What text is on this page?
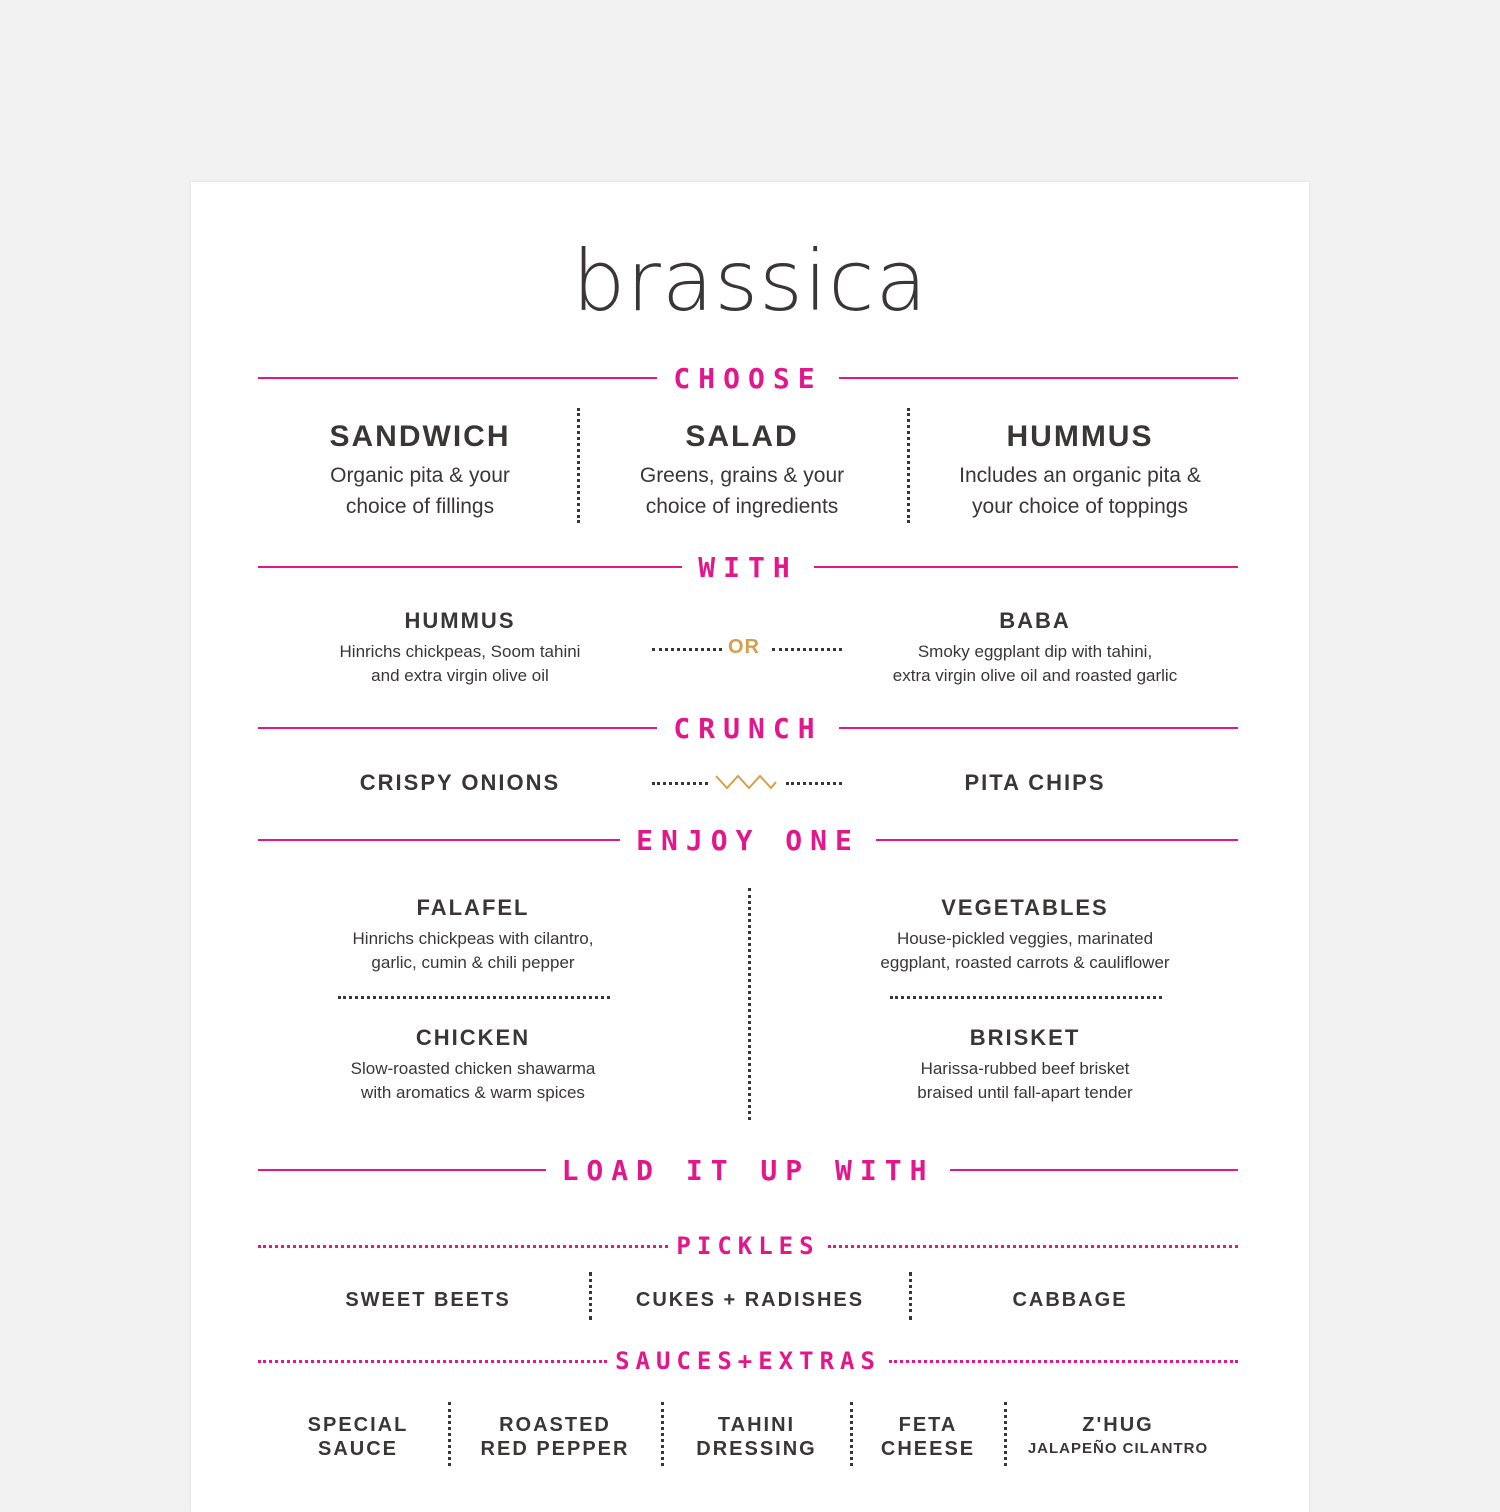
brassica
CHOOSE
SANDWICH
Organic pita & your
choice of fillings
SALAD
Greens, grains & your
choice of ingredients
HUMMUS
Includes an organic pita &
your choice of toppings
WITH
HUMMUS
Hinrichs chickpeas, Soom tahini
and extra virgin olive oil
OR
BABA
Smoky eggplant dip with tahini,
extra virgin olive oil and roasted garlic
CRUNCH
CRISPY ONIONS	PITA CHIPS
ENJOY ONE
FALAFEL
Hinrichs chickpeas with cilantro,
garlic, cumin & chili pepper
CHICKEN
Slow-roasted chicken shawarma
with aromatics & warm spices
VEGETABLES
House-pickled veggies, marinated
eggplant, roasted carrots & cauliflower
BRISKET
Harissa-rubbed beef brisket
braised until fall-apart tender
LOAD IT UP WITH
PICKLES
SWEET BEETS	CUKES + RADISHES	CABBAGE
SAUCES+EXTRAS
SPECIAL
SAUCE
ROASTED
RED PEPPER
TAHINI
DRESSING
FETA
CHEESE
Z'HUG
JALAPEÑO CILANTRO
